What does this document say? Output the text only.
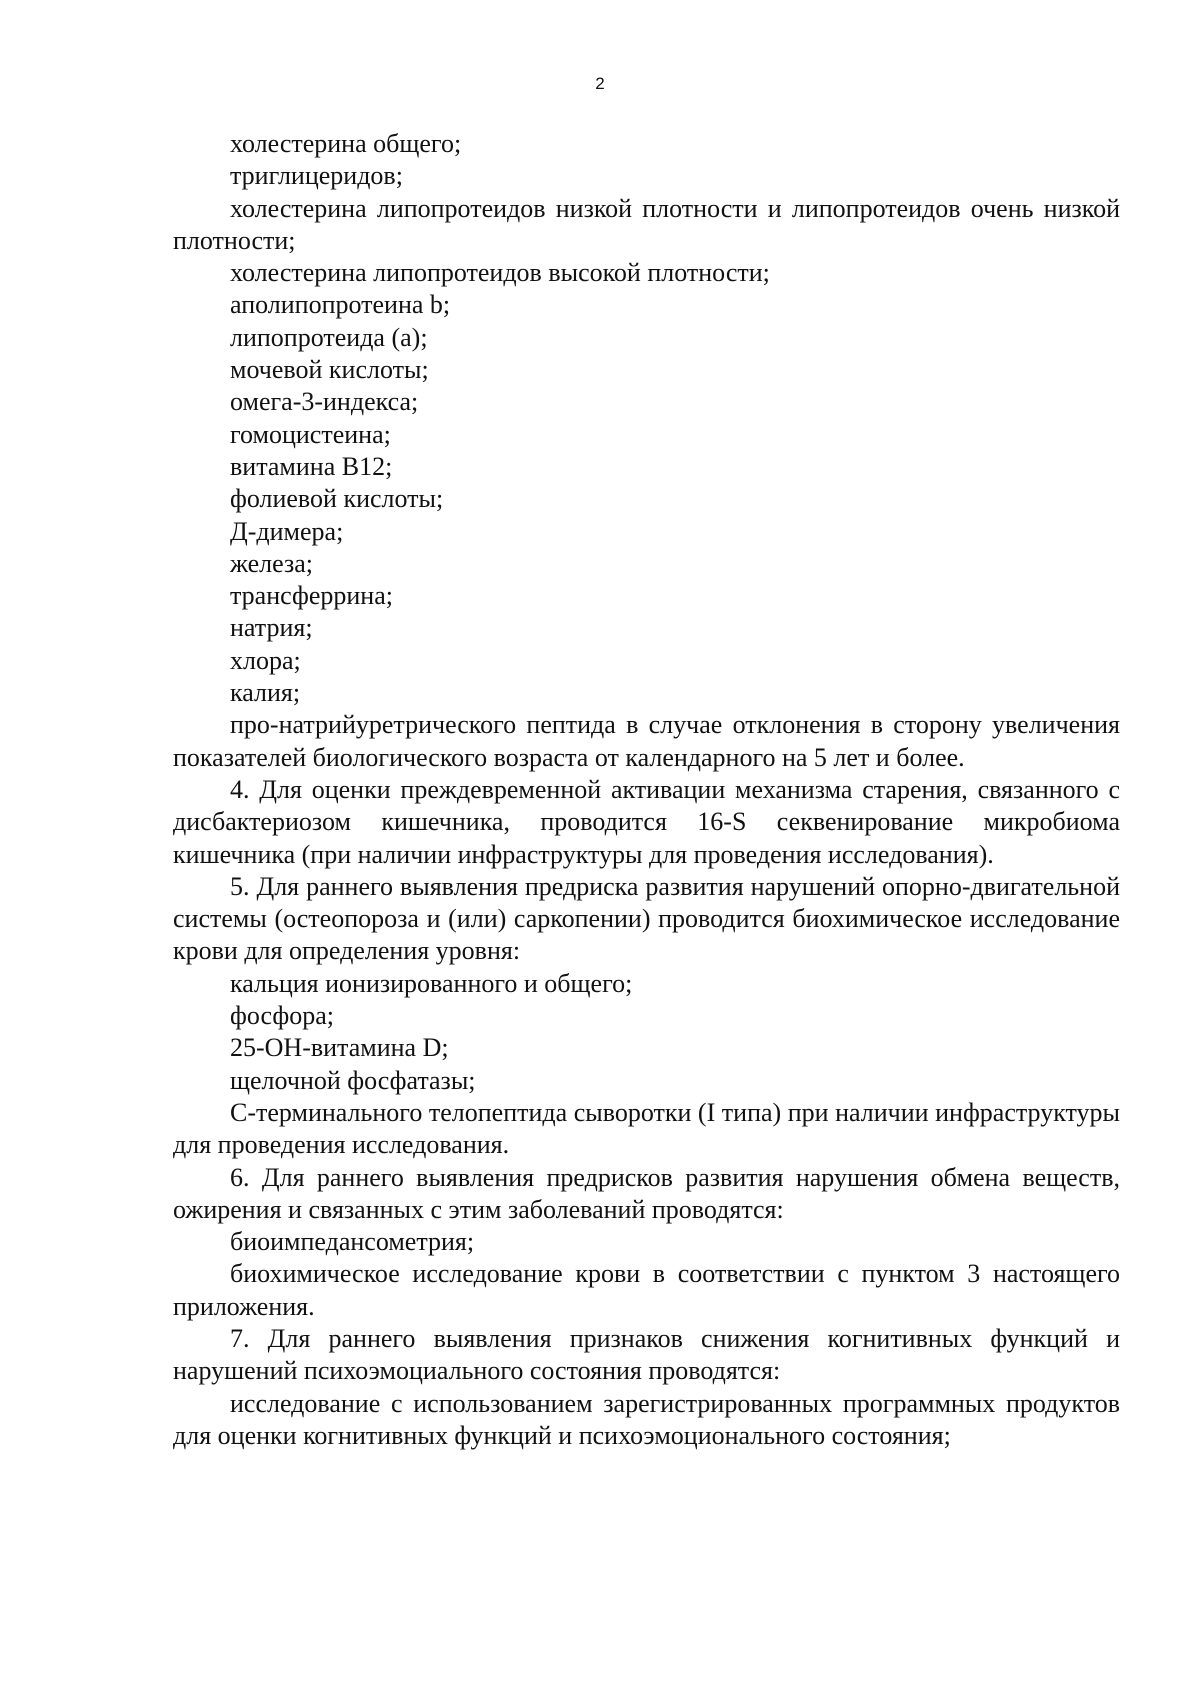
2

холестерина общего;

триглицеридов;

холестерина липопротеидов низкой плотности и липопротеидов очень низкой плотности;

холестерина липопротеидов высокой плотности;

аполипопротеина b;

липопротеида (а);

мочевой кислоты;

омега-3-индекса;

гомоцистеина;

витамина B12;

фолиевой кислоты;

Д-димера;

железа;

трансферрина;

натрия;

хлора;

калия;

про-натрийуретрического пептида в случае отклонения в сторону увеличения показателей биологического возраста от календарного на 5 лет и более.

4. Для оценки преждевременной активации механизма старения, связанного с дисбактериозом кишечника, проводится 16-S секвенирование микробиома кишечника (при наличии инфраструктуры для проведения исследования).

5. Для раннего выявления предриска развития нарушений опорно-двигательной системы (остеопороза и (или) саркопении) проводится биохимическое исследование крови для определения уровня:

кальция ионизированного и общего;

фосфора;

25-OH-витамина D;

щелочной фосфатазы;

C-терминального телопептида сыворотки (I типа) при наличии инфраструктуры для проведения исследования.

6. Для раннего выявления предрисков развития нарушения обмена веществ, ожирения и связанных с этим заболеваний проводятся:

биоимпедансометрия;

биохимическое исследование крови в соответствии с пунктом 3 настоящего приложения.

7. Для раннего выявления признаков снижения когнитивных функций и нарушений психоэмоциального состояния проводятся:

исследование с использованием зарегистрированных программных продуктов для оценки когнитивных функций и психоэмоционального состояния;
